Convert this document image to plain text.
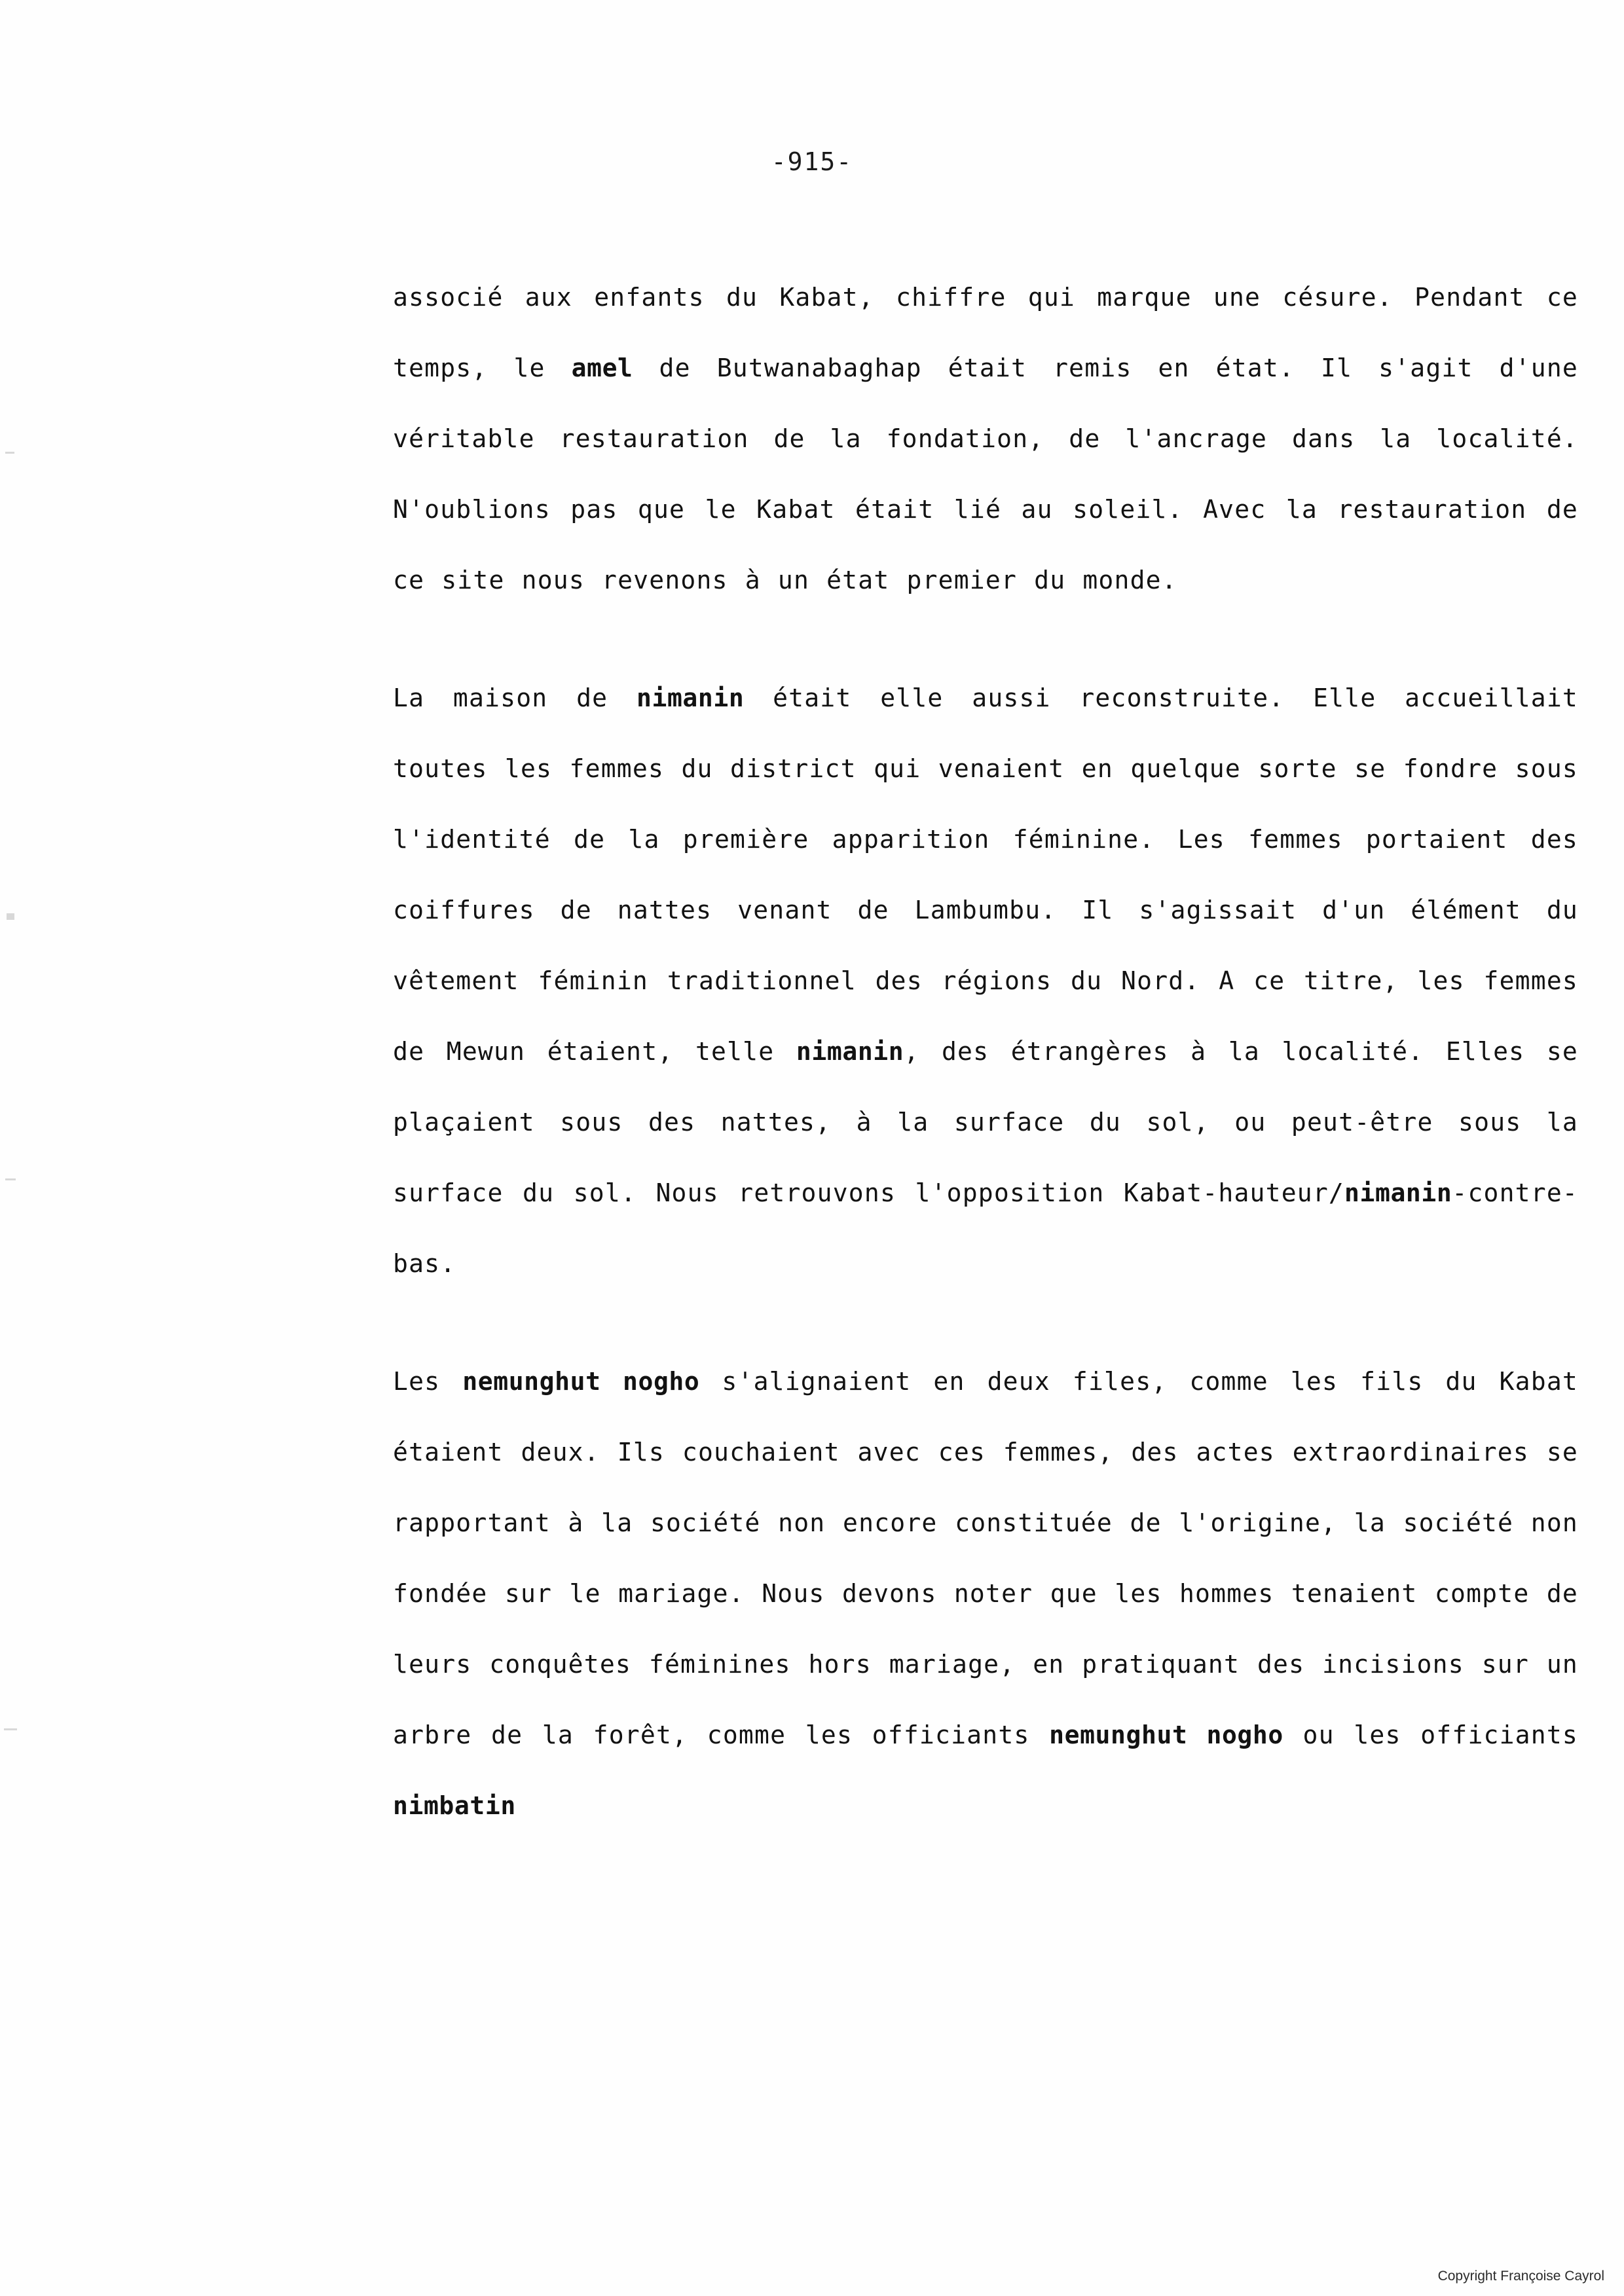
-915-

associé aux enfants du Kabat, chiffre qui marque une césure. Pendant ce temps, le amel de Butwanabaghap était remis en état. Il s'agit d'une véritable restauration de la fondation, de l'ancrage dans la localité. N'oublions pas que le Kabat était lié au soleil. Avec la restauration de ce site nous revenons à un état premier du monde.

La maison de nimanin était elle aussi reconstruite. Elle accueillait toutes les femmes du district qui venaient en quelque sorte se fondre sous l'identité de la première apparition féminine. Les femmes portaient des coiffures de nattes venant de Lambumbu. Il s'agissait d'un élément du vêtement féminin traditionnel des régions du Nord. A ce titre, les femmes de Mewun étaient, telle nimanin, des étrangères à la localité. Elles se plaçaient sous des nattes, à la surface du sol, ou peut-être sous la surface du sol. Nous retrouvons l'opposition Kabat-hauteur/nimanin-contre-bas.

Les nemunghut nogho s'alignaient en deux files, comme les fils du Kabat étaient deux. Ils couchaient avec ces femmes, des actes extraordinaires se rapportant à la société non encore constituée de l'origine, la société non fondée sur le mariage. Nous devons noter que les hommes tenaient compte de leurs conquêtes féminines hors mariage, en pratiquant des incisions sur un arbre de la forêt, comme les officiants nemunghut nogho ou les officiants nimbatin

Copyright Françoise Cayrol
